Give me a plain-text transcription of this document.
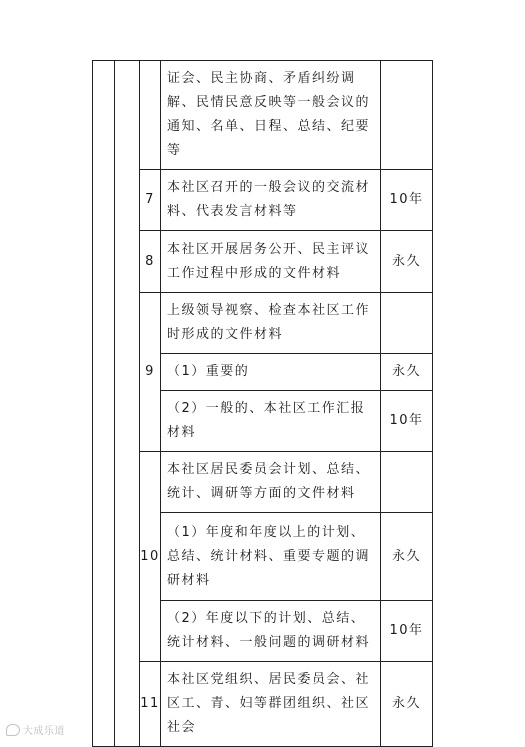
			证会、民主协商、矛盾纠纷调解、民情民意反映等一般会议的通知、名单、日程、总结、纪要等	
		7	本社区召开的一般会议的交流材料、代表发言材料等	10年
		8	本社区开展居务公开、民主评议工作过程中形成的文件材料	永久
		9	上级领导视察、检查本社区工作时形成的文件材料	
			（1）重要的	永久
			（2）一般的、本社区工作汇报材料	10年
		10	本社区居民委员会计划、总结、统计、调研等方面的文件材料	
			（1）年度和年度以上的计划、总结、统计材料、重要专题的调研材料	永久
			（2）年度以下的计划、总结、统计材料、一般问题的调研材料	10年
		11	本社区党组织、居民委员会、社区工、青、妇等群团组织、社区社会	永久
大成乐道
